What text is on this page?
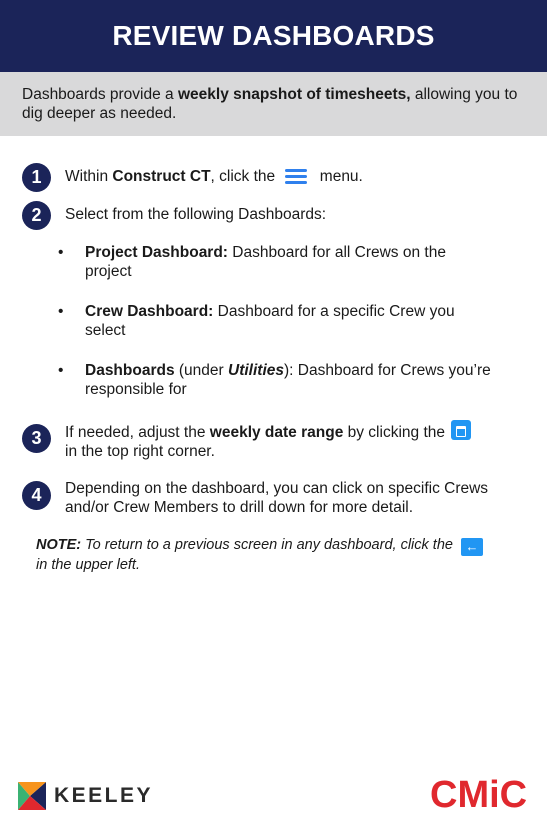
REVIEW DASHBOARDS
Dashboards provide a weekly snapshot of timesheets, allowing you to dig deeper as needed.
1	Within Construct CT, click the	menu.
2	Select from the following Dashboards:
• Project Dashboard: Dashboard for all Crews on the project
• Crew Dashboard: Dashboard for a specific Crew you select
• Dashboards (under Utilities): Dashboard for Crews you’re responsible for
3	If needed, adjust the weekly date range by clicking the
in the top right corner.
4	Depending on the dashboard, you can click on specific Crews and/or Crew Members to drill down for more detail.
NOTE: To return to a previous screen in any dashboard, click the ←
in the upper left.
KEELEY	CMiC
